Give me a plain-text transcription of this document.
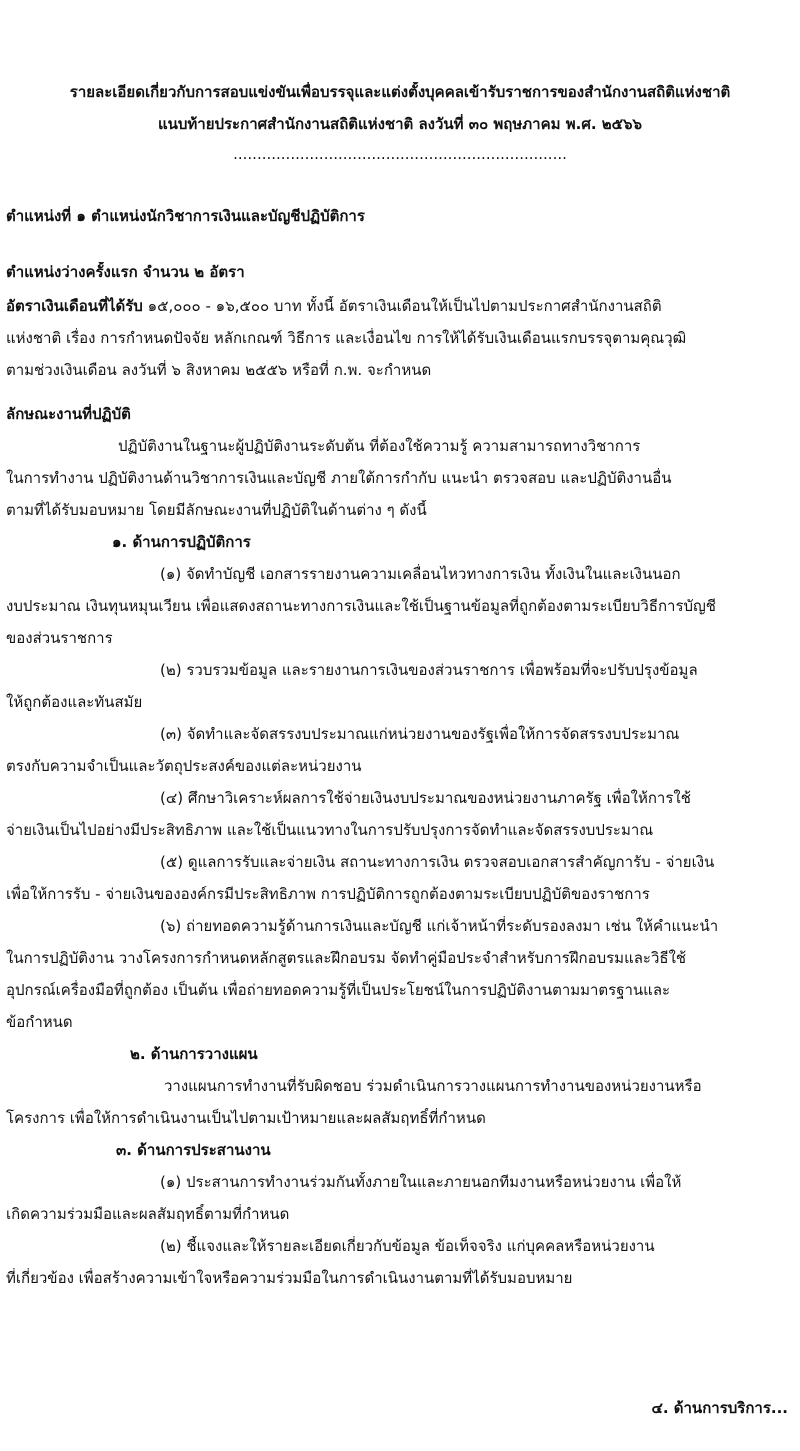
รายละเอียดเกี่ยวกับการสอบแข่งขันเพื่อบรรจุและแต่งตั้งบุคคลเข้ารับราชการของสำนักงานสถิติแห่งชาติ
แนบท้ายประกาศสำนักงานสถิติแห่งชาติ ลงวันที่ ๓๐ พฤษภาคม พ.ศ. ๒๕๖๖
......................................................................
ตำแหน่งที่ ๑ ตำแหน่งนักวิชาการเงินและบัญชีปฏิบัติการ
ตำแหน่งว่างครั้งแรก จำนวน ๒ อัตรา
อัตราเงินเดือนที่ได้รับ ๑๕,๐๐๐ - ๑๖,๕๐๐ บาท ทั้งนี้ อัตราเงินเดือนให้เป็นไปตามประกาศสำนักงานสถิติ
แห่งชาติ เรื่อง การกำหนดปัจจัย หลักเกณฑ์ วิธีการ และเงื่อนไข การให้ได้รับเงินเดือนแรกบรรจุตามคุณวุฒิ
ตามช่วงเงินเดือน ลงวันที่ ๖ สิงหาคม ๒๕๕๖ หรือที่ ก.พ. จะกำหนด
ลักษณะงานที่ปฏิบัติ
ปฏิบัติงานในฐานะผู้ปฏิบัติงานระดับต้น ที่ต้องใช้ความรู้ ความสามารถทางวิชาการ
ในการทำงาน ปฏิบัติงานด้านวิชาการเงินและบัญชี ภายใต้การกำกับ แนะนำ ตรวจสอบ และปฏิบัติงานอื่น
ตามที่ได้รับมอบหมาย โดยมีลักษณะงานที่ปฏิบัติในด้านต่าง ๆ ดังนี้
๑. ด้านการปฏิบัติการ
(๑) จัดทำบัญชี เอกสารรายงานความเคลื่อนไหวทางการเงิน ทั้งเงินในและเงินนอก
งบประมาณ เงินทุนหมุนเวียน เพื่อแสดงสถานะทางการเงินและใช้เป็นฐานข้อมูลที่ถูกต้องตามระเบียบวิธีการบัญชี
ของส่วนราชการ
(๒) รวบรวมข้อมูล และรายงานการเงินของส่วนราชการ เพื่อพร้อมที่จะปรับปรุงข้อมูล
ให้ถูกต้องและทันสมัย
(๓) จัดทำและจัดสรรงบประมาณแก่หน่วยงานของรัฐเพื่อให้การจัดสรรงบประมาณ
ตรงกับความจำเป็นและวัตถุประสงค์ของแต่ละหน่วยงาน
(๔) ศึกษาวิเคราะห์ผลการใช้จ่ายเงินงบประมาณของหน่วยงานภาครัฐ เพื่อให้การใช้
จ่ายเงินเป็นไปอย่างมีประสิทธิภาพ และใช้เป็นแนวทางในการปรับปรุงการจัดทำและจัดสรรงบประมาณ
(๕) ดูแลการรับและจ่ายเงิน สถานะทางการเงิน ตรวจสอบเอกสารสำคัญการับ - จ่ายเงิน
เพื่อให้การรับ - จ่ายเงินขององค์กรมีประสิทธิภาพ การปฏิบัติการถูกต้องตามระเบียบปฏิบัติของราชการ
(๖) ถ่ายทอดความรู้ด้านการเงินและบัญชี แก่เจ้าหน้าที่ระดับรองลงมา เช่น ให้คำแนะนำ
ในการปฏิบัติงาน วางโครงการกำหนดหลักสูตรและฝึกอบรม จัดทำคู่มือประจำสำหรับการฝึกอบรมและวิธีใช้
อุปกรณ์เครื่องมือที่ถูกต้อง เป็นต้น เพื่อถ่ายทอดความรู้ที่เป็นประโยชน์ในการปฏิบัติงานตามมาตรฐานและ
ข้อกำหนด
๒. ด้านการวางแผน
วางแผนการทำงานที่รับผิดชอบ ร่วมดำเนินการวางแผนการทำงานของหน่วยงานหรือ
โครงการ เพื่อให้การดำเนินงานเป็นไปตามเป้าหมายและผลสัมฤทธิ์ที่กำหนด
๓. ด้านการประสานงาน
(๑) ประสานการทำงานร่วมกันทั้งภายในและภายนอกทีมงานหรือหน่วยงาน เพื่อให้
เกิดความร่วมมือและผลสัมฤทธิ์ตามที่กำหนด
(๒) ชี้แจงและให้รายละเอียดเกี่ยวกับข้อมูล ข้อเท็จจริง แก่บุคคลหรือหน่วยงาน
ที่เกี่ยวข้อง เพื่อสร้างความเข้าใจหรือความร่วมมือในการดำเนินงานตามที่ได้รับมอบหมาย
๔. ด้านการบริการ...
